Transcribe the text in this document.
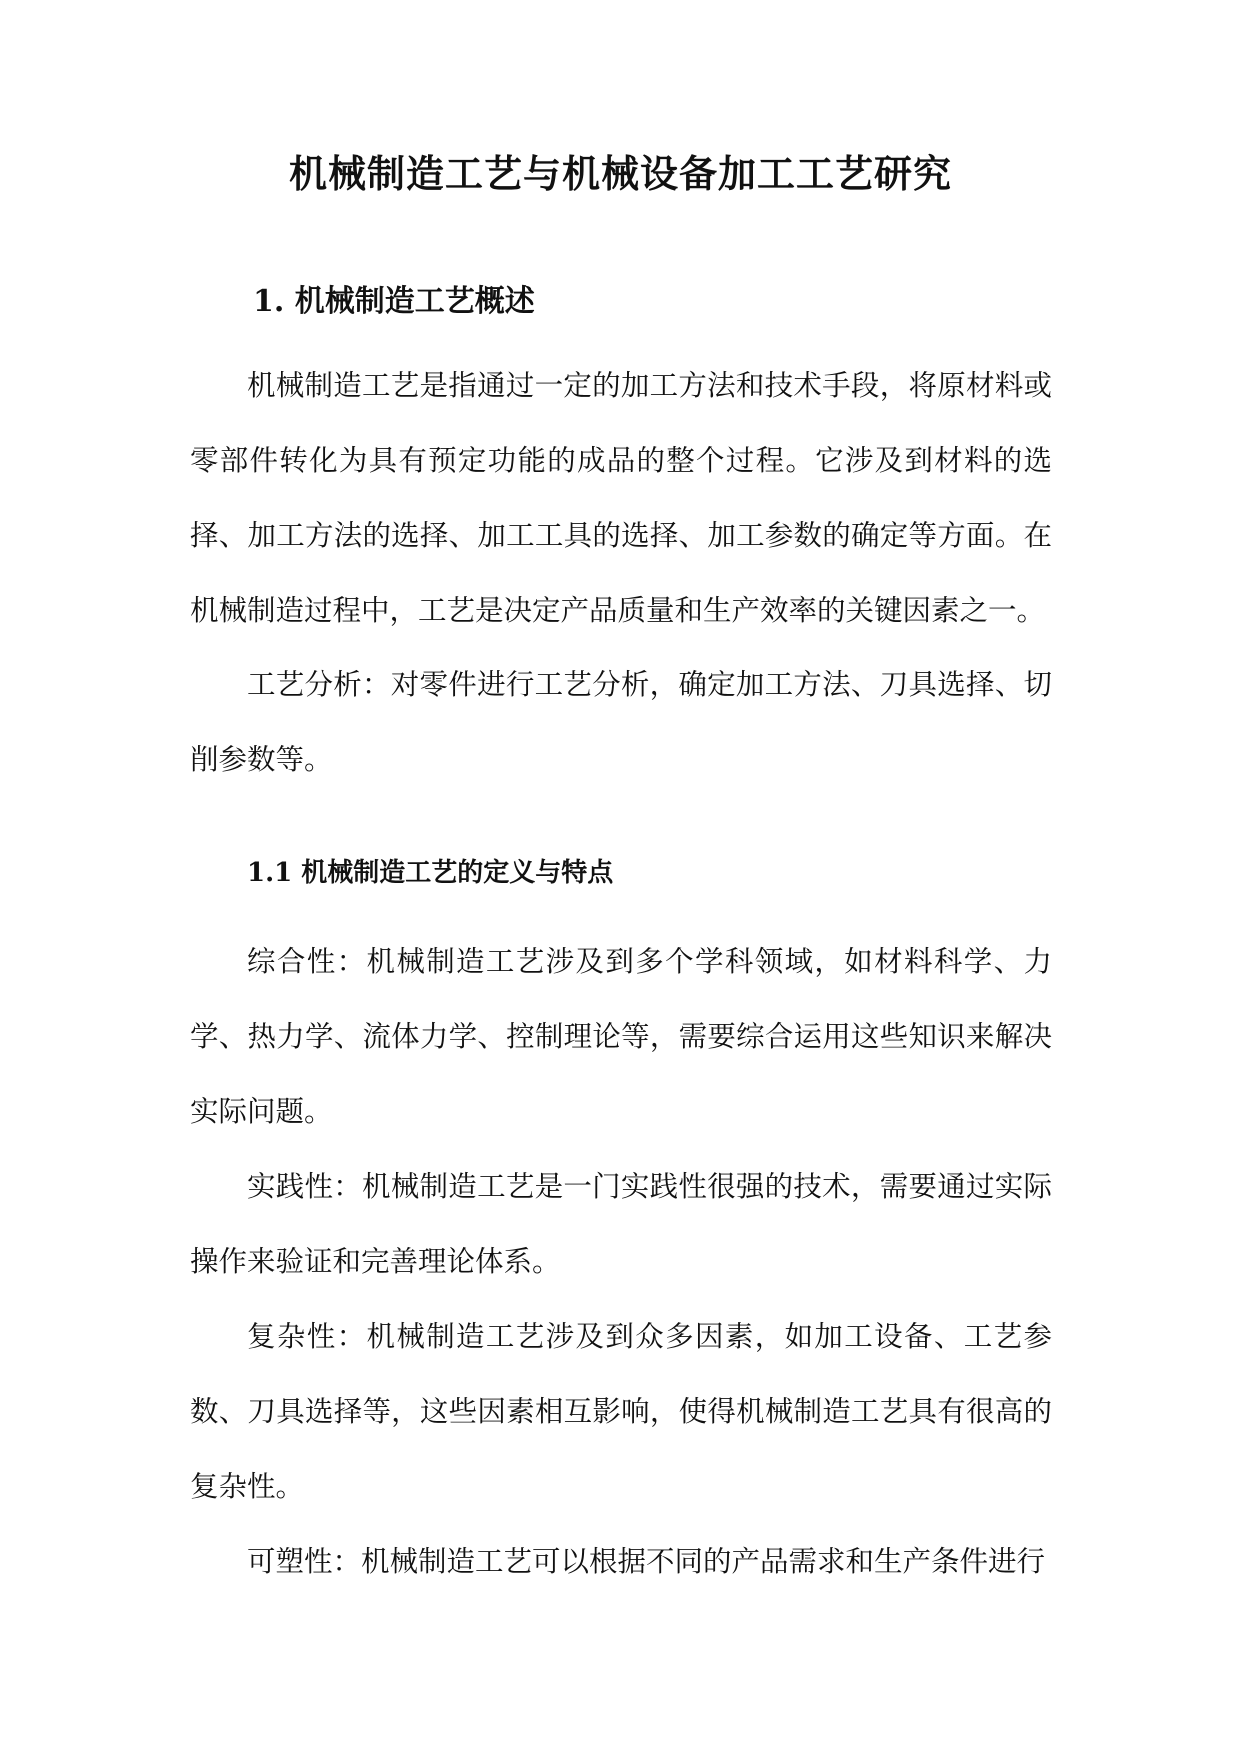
机械制造工艺与机械设备加工工艺研究
1. 机械制造工艺概述

机械制造工艺是指通过一定的加工方法和技术手段，将原材料或零部件转化为具有预定功能的成品的整个过程。它涉及到材料的选择、加工方法的选择、加工工具的选择、加工参数的确定等方面。在机械制造过程中，工艺是决定产品质量和生产效率的关键因素之一。

工艺分析：对零件进行工艺分析，确定加工方法、刀具选择、切削参数等。

1.1 机械制造工艺的定义与特点

综合性：机械制造工艺涉及到多个学科领域，如材料科学、力学、热力学、流体力学、控制理论等，需要综合运用这些知识来解决实际问题。

实践性：机械制造工艺是一门实践性很强的技术，需要通过实际操作来验证和完善理论体系。

复杂性：机械制造工艺涉及到众多因素，如加工设备、工艺参数、刀具选择等，这些因素相互影响，使得机械制造工艺具有很高的复杂性。

可塑性：机械制造工艺可以根据不同的产品需求和生产条件进行
